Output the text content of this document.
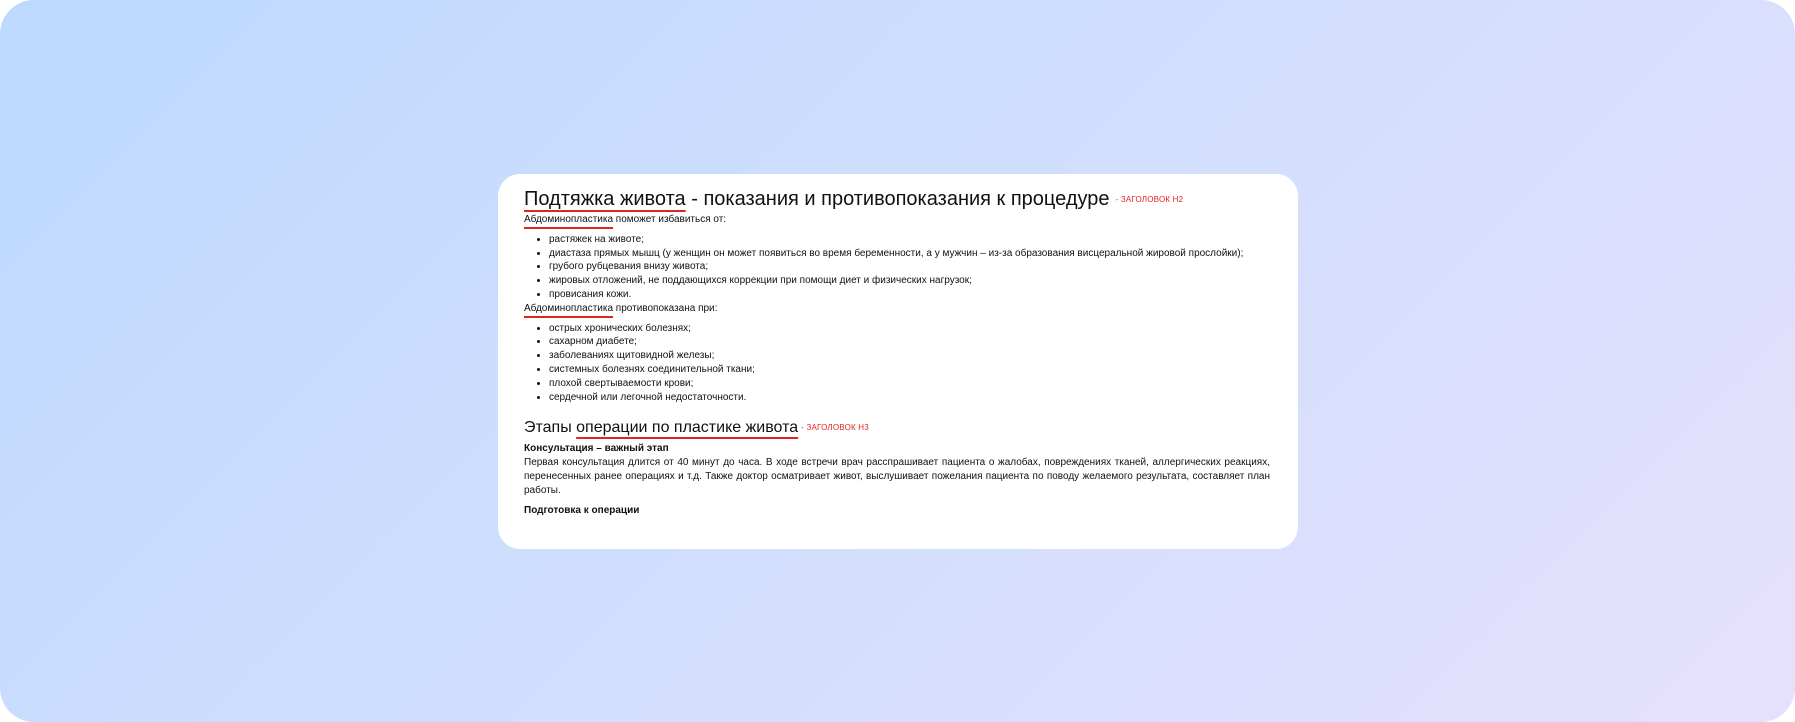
Подтяжка живота - показания и противопоказания к процедуре - ЗАГОЛОВОК H2

Абдоминопластика поможет избавиться от:

• растяжек на животе;
• диастаза прямых мышц (у женщин он может появиться во время беременности, а у мужчин – из-за образования висцеральной жировой прослойки);
• грубого рубцевания внизу живота;
• жировых отложений, не поддающихся коррекции при помощи диет и физических нагрузок;
• провисания кожи.

Абдоминопластика противопоказана при:

• острых хронических болезнях;
• сахарном диабете;
• заболеваниях щитовидной железы;
• системных болезнях соединительной ткани;
• плохой свертываемости крови;
• сердечной или легочной недостаточности.
Этапы операции по пластике живота - ЗАГОЛОВОК H3

Консультация – важный этап

Первая консультация длится от 40 минут до часа. В ходе встречи врач расспрашивает пациента о жалобах, повреждениях тканей, аллергических реакциях, перенесенных ранее операциях и т.д. Также доктор осматривает живот, выслушивает пожелания пациента по поводу желаемого результата, составляет план работы.

Подготовка к операции
